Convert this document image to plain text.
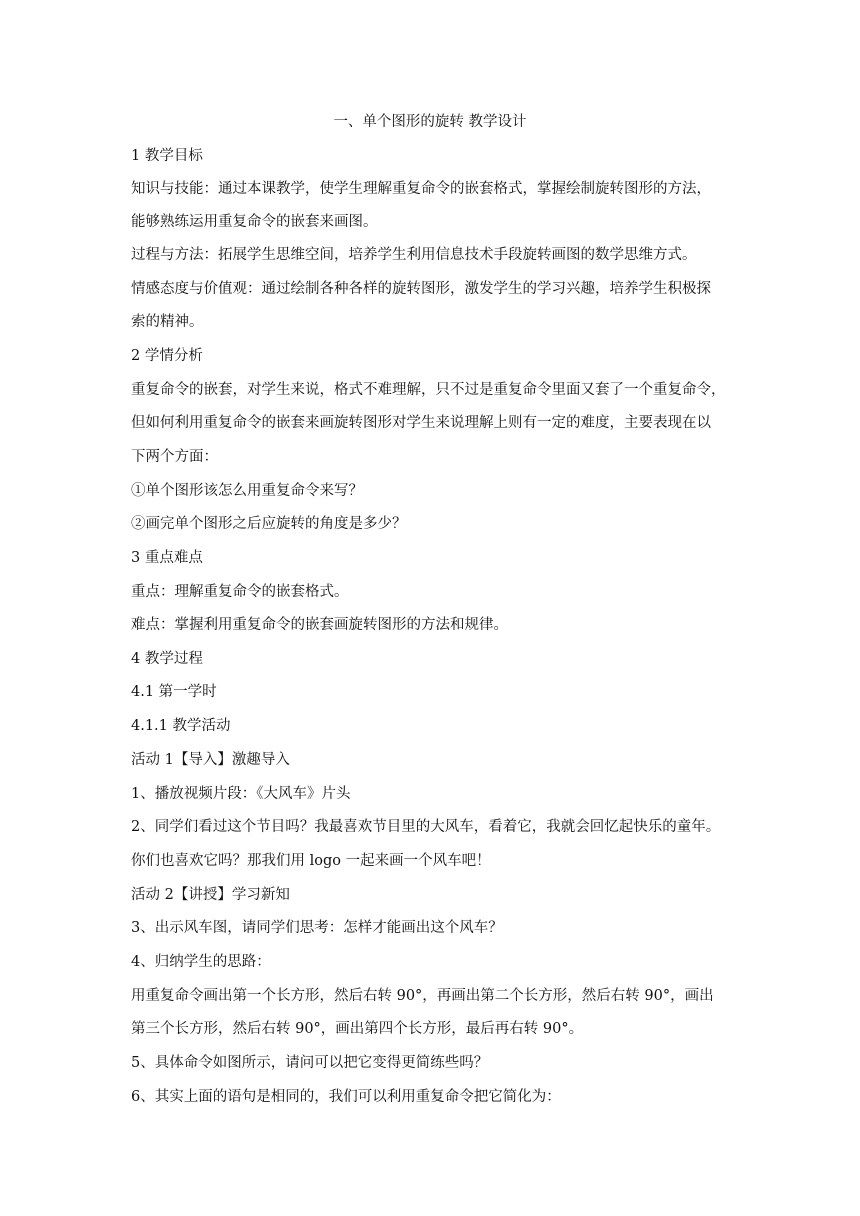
一、单个图形的旋转 教学设计
1 教学目标
知识与技能：通过本课教学，使学生理解重复命令的嵌套格式，掌握绘制旋转图形的方法，
能够熟练运用重复命令的嵌套来画图。
过程与方法：拓展学生思维空间，培养学生利用信息技术手段旋转画图的数学思维方式。
情感态度与价值观：通过绘制各种各样的旋转图形，激发学生的学习兴趣，培养学生积极探
索的精神。
2 学情分析
重复命令的嵌套，对学生来说，格式不难理解，只不过是重复命令里面又套了一个重复命令，
但如何利用重复命令的嵌套来画旋转图形对学生来说理解上则有一定的难度，主要表现在以
下两个方面：
①单个图形该怎么用重复命令来写？
②画完单个图形之后应旋转的角度是多少？
3 重点难点
重点：理解重复命令的嵌套格式。
难点：掌握利用重复命令的嵌套画旋转图形的方法和规律。
4 教学过程
4.1 第一学时
4.1.1 教学活动
活动 1【导入】激趣导入
1、播放视频片段：《大风车》片头
2、同学们看过这个节目吗？我最喜欢节目里的大风车，看着它，我就会回忆起快乐的童年。
你们也喜欢它吗？那我们用 logo 一起来画一个风车吧！
活动 2【讲授】学习新知
3、出示风车图，请同学们思考：怎样才能画出这个风车？
4、归纳学生的思路：
用重复命令画出第一个长方形，然后右转 90°，再画出第二个长方形，然后右转 90°，画出
第三个长方形，然后右转 90°，画出第四个长方形，最后再右转 90°。
5、具体命令如图所示，请问可以把它变得更简练些吗？
6、其实上面的语句是相同的，我们可以利用重复命令把它简化为：
